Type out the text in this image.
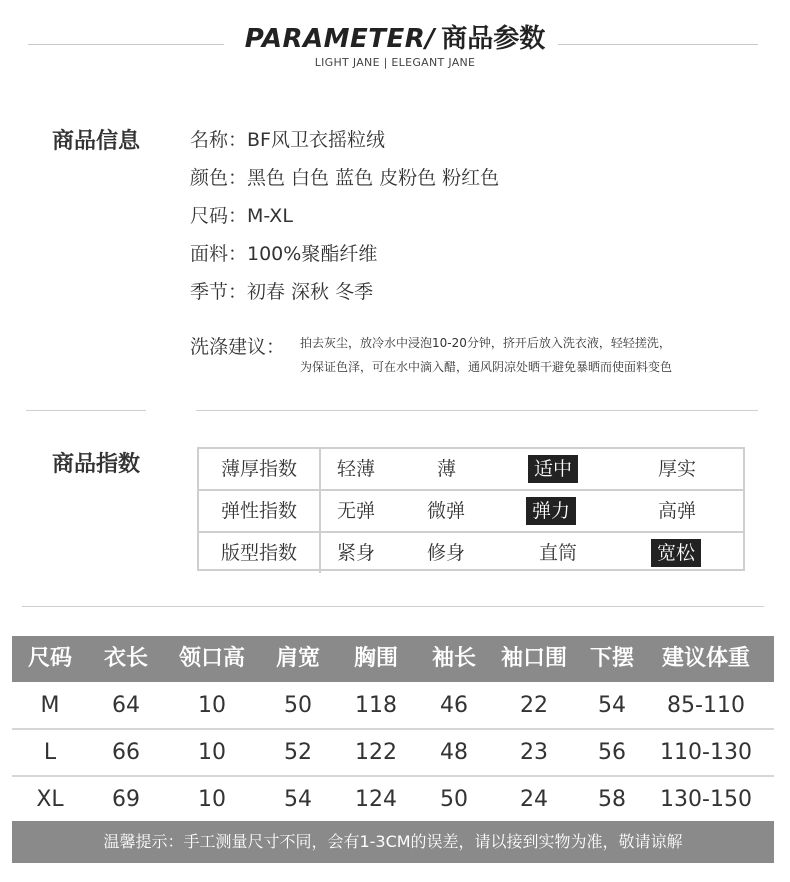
PARAMETER/ 商品参数
LIGHT JANE | ELEGANT JANE
商品信息	名称：BF风卫衣摇粒绒
颜色：黑色 白色 蓝色 皮粉色 粉红色
尺码：M-XL
面料：100%聚酯纤维
季节：初春 深秋 冬季
洗涤建议： 拍去灰尘，放冷水中浸泡10-20分钟，挤开后放入洗衣液，轻轻搓洗，
为保证色泽，可在水中滴入醋，通风阴凉处晒干避免暴晒而使面料变色
商品指数	薄厚指数	轻薄	薄	适中	厚实
弹性指数	无弹	微弹	弹力	高弹
版型指数	紧身	修身	直筒	宽松
尺码 衣长 领口高 肩宽 胸围 袖长 袖口围 下摆 建议体重
M 64	10	50 118 46 22 54 85-110
L	66	10	52 122 48 23 56 110-130
XL 69	10	54 124 50 24 58 130-150
温馨提示：手工测量尺寸不同，会有1-3CM的误差，请以接到实物为准，敬请谅解
